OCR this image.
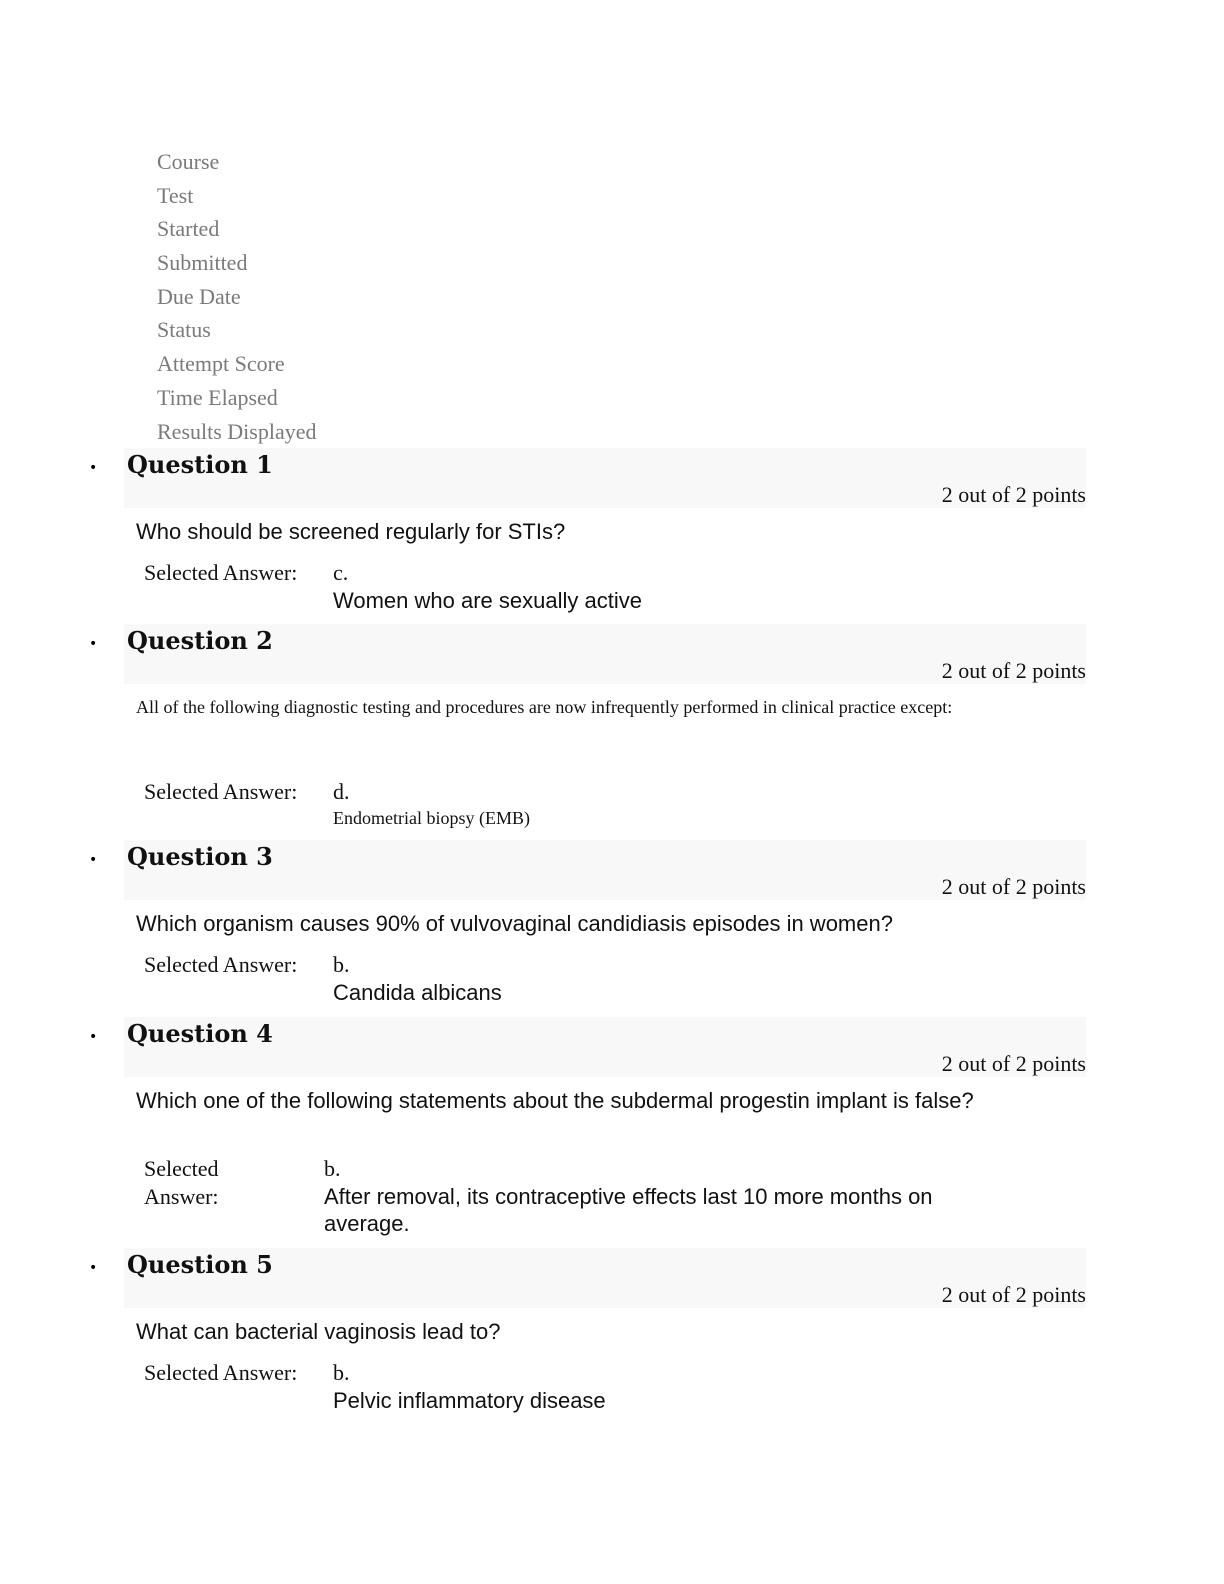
Course
Test
Started
Submitted
Due Date
Status
Attempt Score
Time Elapsed
Results Displayed
• Question 1
2 out of 2 points
Who should be screened regularly for STIs?
Selected Answer: c.
Women who are sexually active
• Question 2
2 out of 2 points
All of the following diagnostic testing and procedures are now infrequently performed in clinical practice except:
Selected Answer: d.
Endometrial biopsy (EMB)
• Question 3
2 out of 2 points
Which organism causes 90% of vulvovaginal candidiasis episodes in women?
Selected Answer: b.
Candida albicans
• Question 4
2 out of 2 points
Which one of the following statements about the subdermal progestin implant is false?
Selected
Answer:
b.
After removal, its contraceptive effects last 10 more months on average.
• Question 5
2 out of 2 points
What can bacterial vaginosis lead to?
Selected Answer: b.
Pelvic inflammatory disease
